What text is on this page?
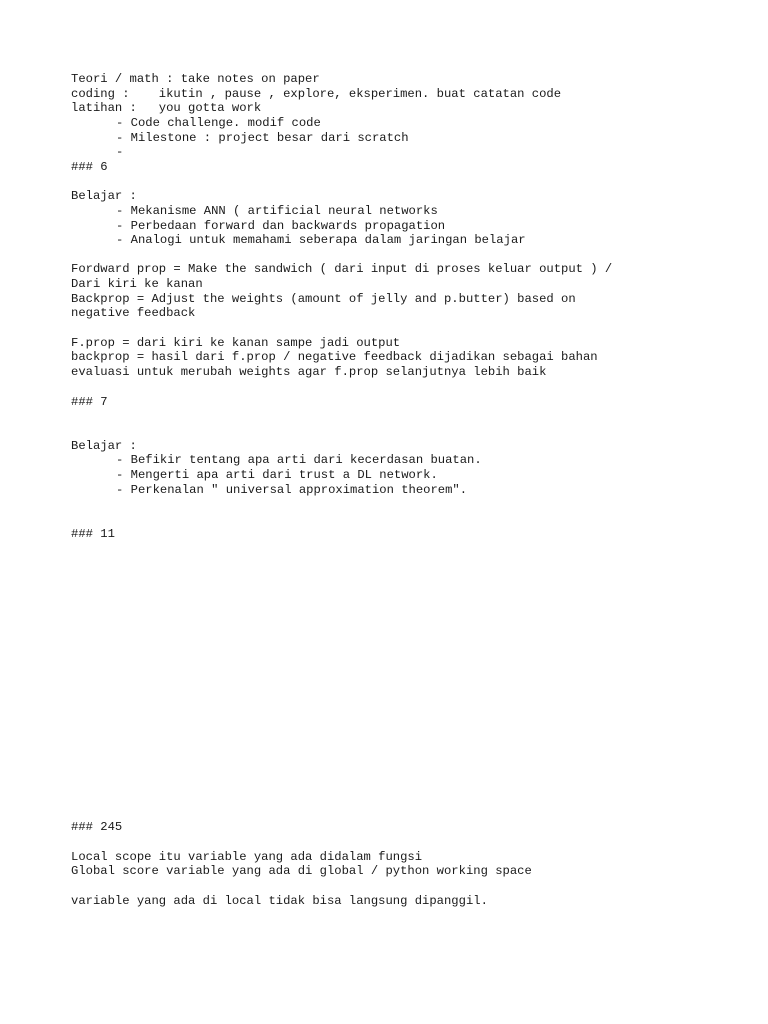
Teori / math : take notes on paper
coding :    ikutin , pause , explore, eksperimen. buat catatan code
latihan :   you gotta work
- Code challenge. modif code
- Milestone : project besar dari scratch
-
### 6
Belajar :
- Mekanisme ANN ( artificial neural networks
- Perbedaan forward dan backwards propagation
- Analogi untuk memahami seberapa dalam jaringan belajar
Fordward prop = Make the sandwich ( dari input di proses keluar output ) /
Dari kiri ke kanan
Backprop = Adjust the weights (amount of jelly and p.butter) based on
negative feedback
F.prop = dari kiri ke kanan sampe jadi output
backprop = hasil dari f.prop / negative feedback dijadikan sebagai bahan
evaluasi untuk merubah weights agar f.prop selanjutnya lebih baik
### 7
Belajar :
- Befikir tentang apa arti dari kecerdasan buatan.
- Mengerti apa arti dari trust a DL network.
- Perkenalan " universal approximation theorem".
### 11
### 245
Local scope itu variable yang ada didalam fungsi
Global score variable yang ada di global / python working space
variable yang ada di local tidak bisa langsung dipanggil.
